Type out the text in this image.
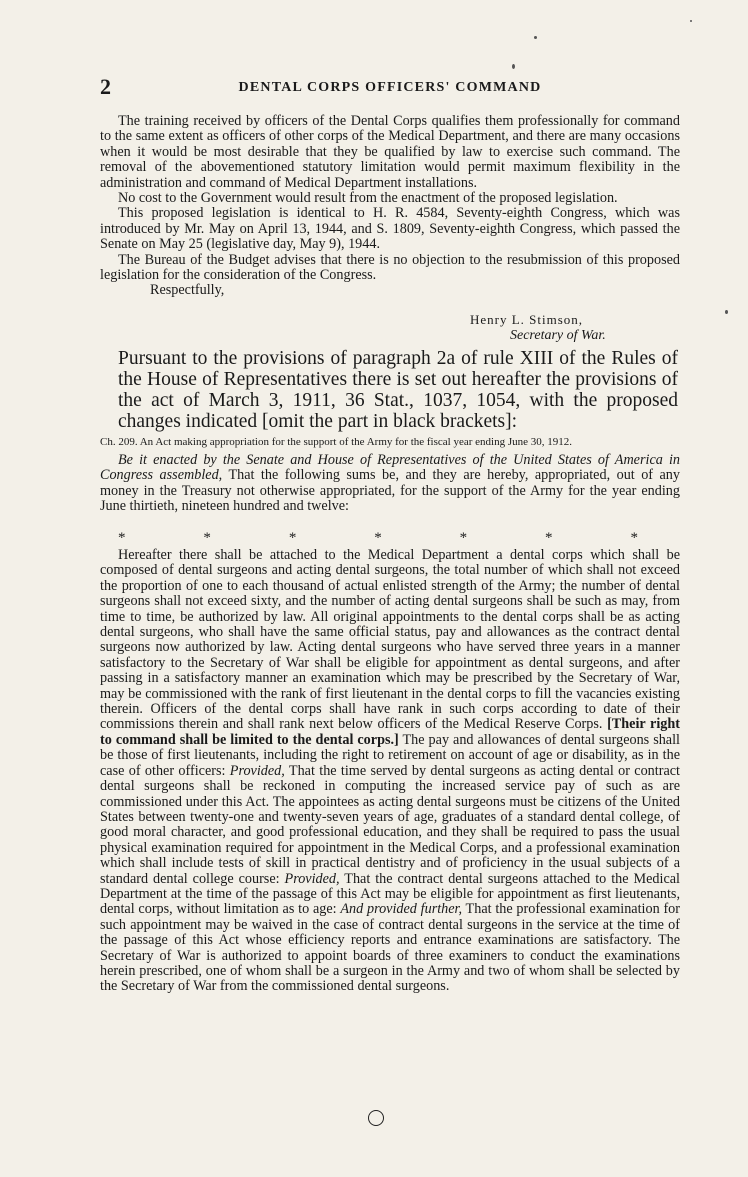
2	DENTAL CORPS OFFICERS' COMMAND

The training received by officers of the Dental Corps qualifies them professionally for command to the same extent as officers of other corps of the Medical Department, and there are many occasions when it would be most desirable that they be qualified by law to exercise such command. The removal of the abovementioned statutory limitation would permit maximum flexibility in the administration and command of Medical Department installations.

No cost to the Government would result from the enactment of the proposed legislation.

This proposed legislation is identical to H. R. 4584, Seventy-eighth Congress, which was introduced by Mr. May on April 13, 1944, and S. 1809, Seventy-eighth Congress, which passed the Senate on May 25 (legislative day, May 9), 1944.

The Bureau of the Budget advises that there is no objection to the resubmission of this proposed legislation for the consideration of the Congress.

Respectfully,

Henry L. Stimson,
Secretary of War.
Pursuant to the provisions of paragraph 2a of rule XIII of the Rules of the House of Representatives there is set out hereafter the provisions of the act of March 3, 1911, 36 Stat., 1037, 1054, with the proposed changes indicated [omit the part in black brackets]:
Ch. 209. An Act making appropriation for the support of the Army for the fiscal year ending June 30, 1912.

Be it enacted by the Senate and House of Representatives of the United States of America in Congress assembled, That the following sums be, and they are hereby, appropriated, out of any money in the Treasury not otherwise appropriated, for the support of the Army for the year ending June thirtieth, nineteen hundred and twelve:

*	*	*	*	*	*	*

Hereafter there shall be attached to the Medical Department a dental corps which shall be composed of dental surgeons and acting dental surgeons, the total number of which shall not exceed the proportion of one to each thousand of actual enlisted strength of the Army; the number of dental surgeons shall not exceed sixty, and the number of acting dental surgeons shall be such as may, from time to time, be authorized by law. All original appointments to the dental corps shall be as acting dental surgeons, who shall have the same official status, pay and allowances as the contract dental surgeons now authorized by law. Acting dental surgeons who have served three years in a manner satisfactory to the Secretary of War shall be eligible for appointment as dental surgeons, and after passing in a satisfactory manner an examination which may be prescribed by the Secretary of War, may be commissioned with the rank of first lieutenant in the dental corps to fill the vacancies existing therein. Officers of the dental corps shall have rank in such corps according to date of their commissions therein and shall rank next below officers of the Medical Reserve Corps. [Their right to command shall be limited to the dental corps.] The pay and allowances of dental surgeons shall be those of first lieutenants, including the right to retirement on account of age or disability, as in the case of other officers: Provided, That the time served by dental surgeons as acting dental or contract dental surgeons shall be reckoned in computing the increased service pay of such as are commissioned under this Act. The appointees as acting dental surgeons must be citizens of the United States between twenty-one and twenty-seven years of age, graduates of a standard dental college, of good moral character, and good professional education, and they shall be required to pass the usual physical examination required for appointment in the Medical Corps, and a professional examination which shall include tests of skill in practical dentistry and of proficiency in the usual subjects of a standard dental college course: Provided, That the contract dental surgeons attached to the Medical Department at the time of the passage of this Act may be eligible for appointment as first lieutenants, dental corps, without limitation as to age: And provided further, That the professional examination for such appointment may be waived in the case of contract dental surgeons in the service at the time of the passage of this Act whose efficiency reports and entrance examinations are satisfactory. The Secretary of War is authorized to appoint boards of three examiners to conduct the examinations herein prescribed, one of whom shall be a surgeon in the Army and two of whom shall be selected by the Secretary of War from the commissioned dental surgeons.
